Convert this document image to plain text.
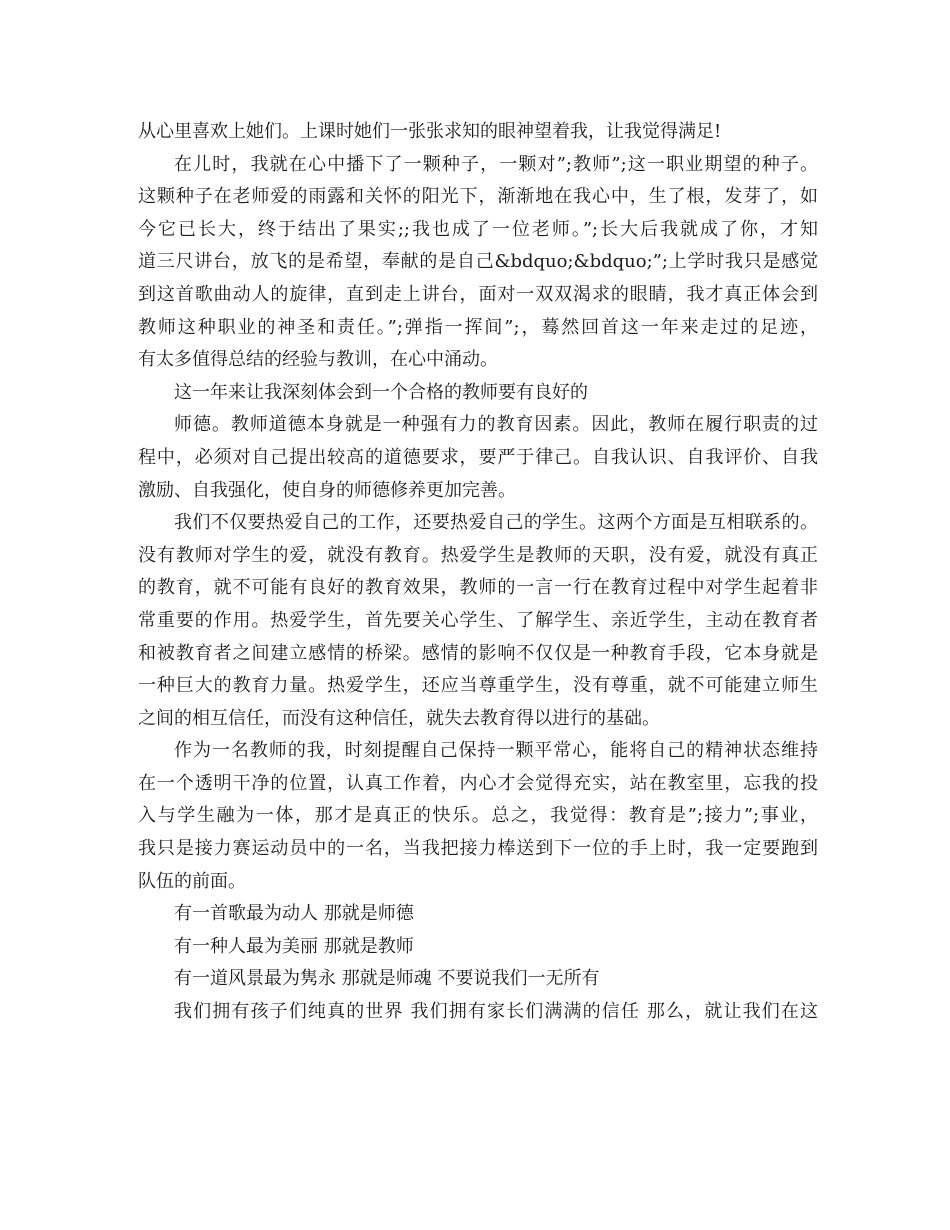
从心里喜欢上她们。上课时她们一张张求知的眼神望着我，让我觉得满足!
在儿时，我就在心中播下了一颗种子，一颗对”;教师”;这一职业期望的种子。
这颗种子在老师爱的雨露和关怀的阳光下，渐渐地在我心中，生了根，发芽了，如
今它已长大，终于结出了果实;;我也成了一位老师。”;长大后我就成了你，才知
道三尺讲台，放飞的是希望，奉献的是自己&bdquo;&bdquo;”;上学时我只是感觉
到这首歌曲动人的旋律，直到走上讲台，面对一双双渴求的眼睛，我才真正体会到
教师这种职业的神圣和责任。”;弹指一挥间”;，蓦然回首这一年来走过的足迹，
有太多值得总结的经验与教训，在心中涌动。
这一年来让我深刻体会到一个合格的教师要有良好的
师德。教师道德本身就是一种强有力的教育因素。因此，教师在履行职责的过
程中，必须对自己提出较高的道德要求，要严于律己。自我认识、自我评价、自我
激励、自我强化，使自身的师德修养更加完善。
我们不仅要热爱自己的工作，还要热爱自己的学生。这两个方面是互相联系的。
没有教师对学生的爱，就没有教育。热爱学生是教师的天职，没有爱，就没有真正
的教育，就不可能有良好的教育效果，教师的一言一行在教育过程中对学生起着非
常重要的作用。热爱学生，首先要关心学生、了解学生、亲近学生，主动在教育者
和被教育者之间建立感情的桥梁。感情的影响不仅仅是一种教育手段，它本身就是
一种巨大的教育力量。热爱学生，还应当尊重学生，没有尊重，就不可能建立师生
之间的相互信任，而没有这种信任，就失去教育得以进行的基础。
作为一名教师的我，时刻提醒自己保持一颗平常心，能将自己的精神状态维持
在一个透明干净的位置，认真工作着，内心才会觉得充实，站在教室里，忘我的投
入与学生融为一体，那才是真正的快乐。总之，我觉得：教育是”;接力”;事业，
我只是接力赛运动员中的一名，当我把接力棒送到下一位的手上时，我一定要跑到
队伍的前面。
有一首歌最为动人 那就是师德
有一种人最为美丽 那就是教师
有一道风景最为隽永 那就是师魂 不要说我们一无所有
我们拥有孩子们纯真的世界 我们拥有家长们满满的信任 那么，就让我们在这
